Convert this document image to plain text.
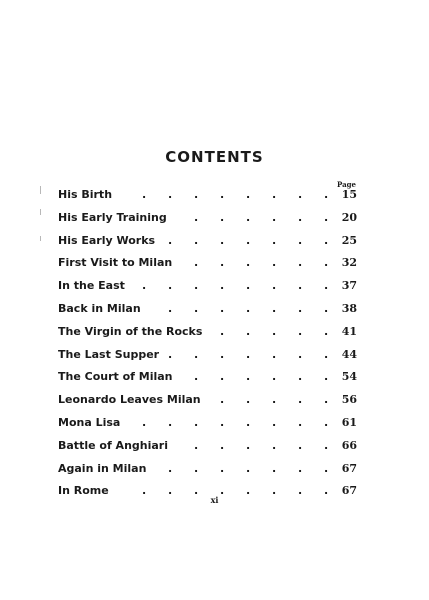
CONTENTS
Page
His Birth	. . . . . . . . 15
His Early Training . . . . . . 20
His Early Works . . . . . . . 25
First Visit to Milan . . . . . . 32
In the East . . . . . . . . 37
Back in Milan . . . . . . . 38
The Virgin of the Rocks . . . . . 41
The Last Supper . . . . . . . 44
The Court of Milan . . . . . . 54
Leonardo Leaves Milan . . . . . 56
Mona Lisa . . . . . . . . 61
Battle of Anghiari . . . . . . 66
Again in Milan . . . . . . . 67
In Rome	. . . . . . . . 67
xi
